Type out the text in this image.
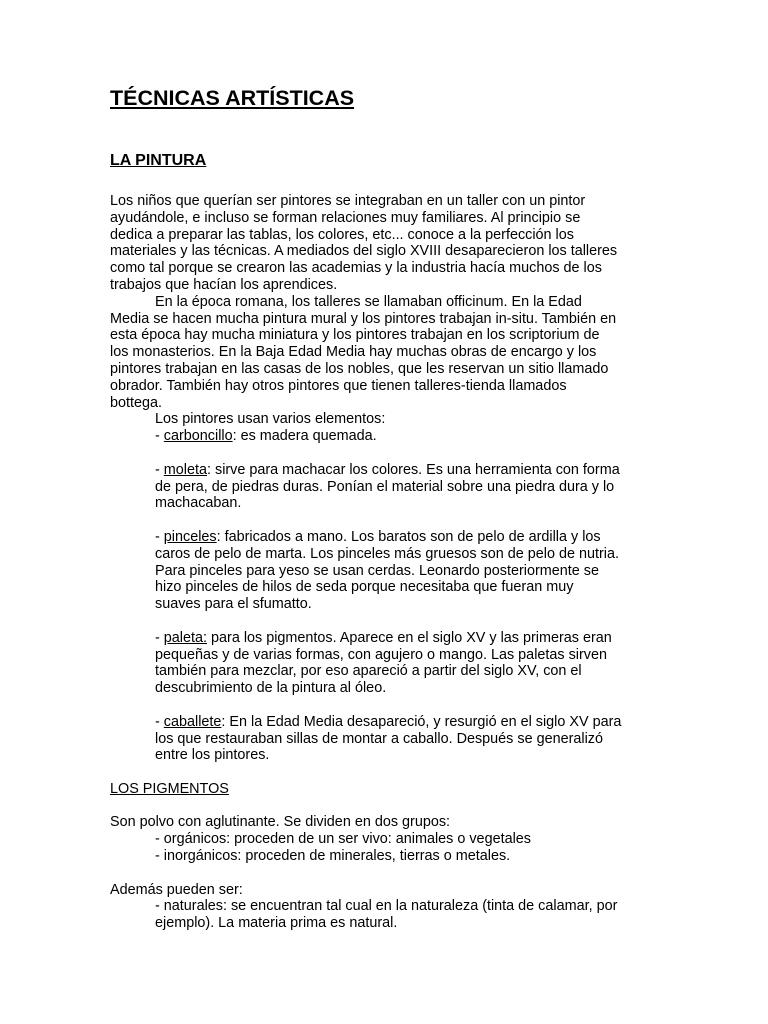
TÉCNICAS ARTÍSTICAS
LA PINTURA
Los niños que querían ser pintores se integraban en un taller con un pintor
ayudándole, e incluso se forman relaciones muy familiares. Al principio se
dedica a preparar las tablas, los colores, etc... conoce a la perfección los
materiales y las técnicas. A mediados del siglo XVIII desaparecieron los talleres
como tal porque se crearon las academias y la industria hacía muchos de los
trabajos que hacían los aprendices.
En la época romana, los talleres se llamaban officinum. En la Edad
Media se hacen mucha pintura mural y los pintores trabajan in-situ. También en
esta época hay mucha miniatura y los pintores trabajan en los scriptorium de
los monasterios. En la Baja Edad Media hay muchas obras de encargo y los
pintores trabajan en las casas de los nobles, que les reservan un sitio llamado
obrador. También hay otros pintores que tienen talleres-tienda llamados
bottega.
Los pintores usan varios elementos:
- carboncillo: es madera quemada.
- moleta: sirve para machacar los colores. Es una herramienta con forma
de pera, de piedras duras. Ponían el material sobre una piedra dura y lo
machacaban.
- pinceles: fabricados a mano. Los baratos son de pelo de ardilla y los
caros de pelo de marta. Los pinceles más gruesos son de pelo de nutria.
Para pinceles para yeso se usan cerdas. Leonardo posteriormente se
hizo pinceles de hilos de seda porque necesitaba que fueran muy
suaves para el sfumatto.
- paleta: para los pigmentos. Aparece en el siglo XV y las primeras eran
pequeñas y de varias formas, con agujero o mango. Las paletas sirven
también para mezclar, por eso apareció a partir del siglo XV, con el
descubrimiento de la pintura al óleo.
- caballete: En la Edad Media desapareció, y resurgió en el siglo XV para
los que restauraban sillas de montar a caballo. Después se generalizó
entre los pintores.
LOS PIGMENTOS
Son polvo con aglutinante. Se dividen en dos grupos:
- orgánicos: proceden de un ser vivo: animales o vegetales
- inorgánicos: proceden de minerales, tierras o metales.
Además pueden ser:
- naturales: se encuentran tal cual en la naturaleza (tinta de calamar, por
ejemplo). La materia prima es natural.
